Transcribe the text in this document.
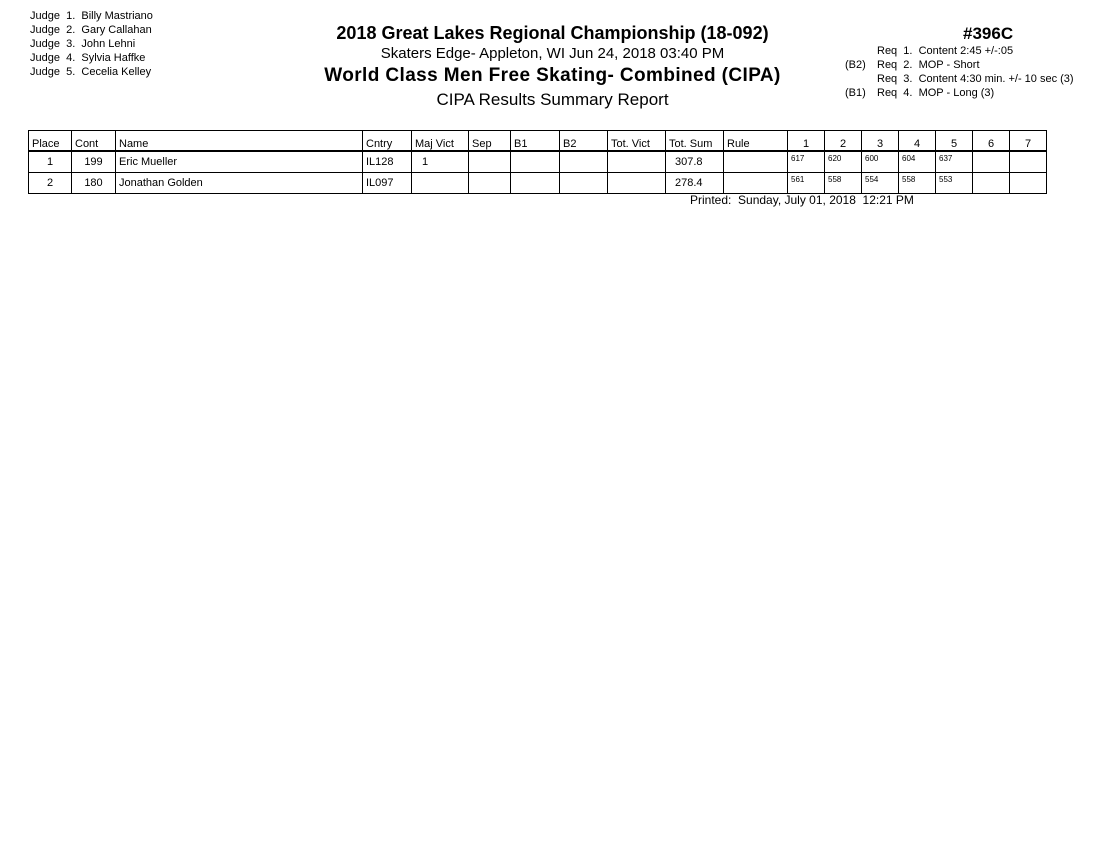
Judge  1. Billy Mastriano
Judge  2. Gary Callahan
Judge  3. John Lehni
Judge  4. Sylvia Haffke
Judge  5. Cecelia Kelley
2018 Great Lakes Regional Championship (18-092)
Skaters Edge- Appleton, WI Jun 24, 2018 03:40 PM
World Class Men Free Skating- Combined (CIPA)
CIPA Results Summary Report
#396C
Req  1.  Content 2:45 +/-:05
(B2)	Req  2.  MOP - Short
Req  3.  Content 4:30 min. +/- 10 sec (3)
(B1)	Req  4.  MOP - Long (3)
Place	Cont	Name	Cntry	Maj Vict	Sep	B1	B2	Tot. Vict	Tot. Sum	Rule	1	2	3	4	5	6	7
1	199	Eric Mueller	IL128	1					307.8		617	620	600	604	637		
2	180	Jonathan Golden	IL097						278.4		561	558	554	558	553		
Printed:  Sunday, July 01, 2018  12:21 PM
